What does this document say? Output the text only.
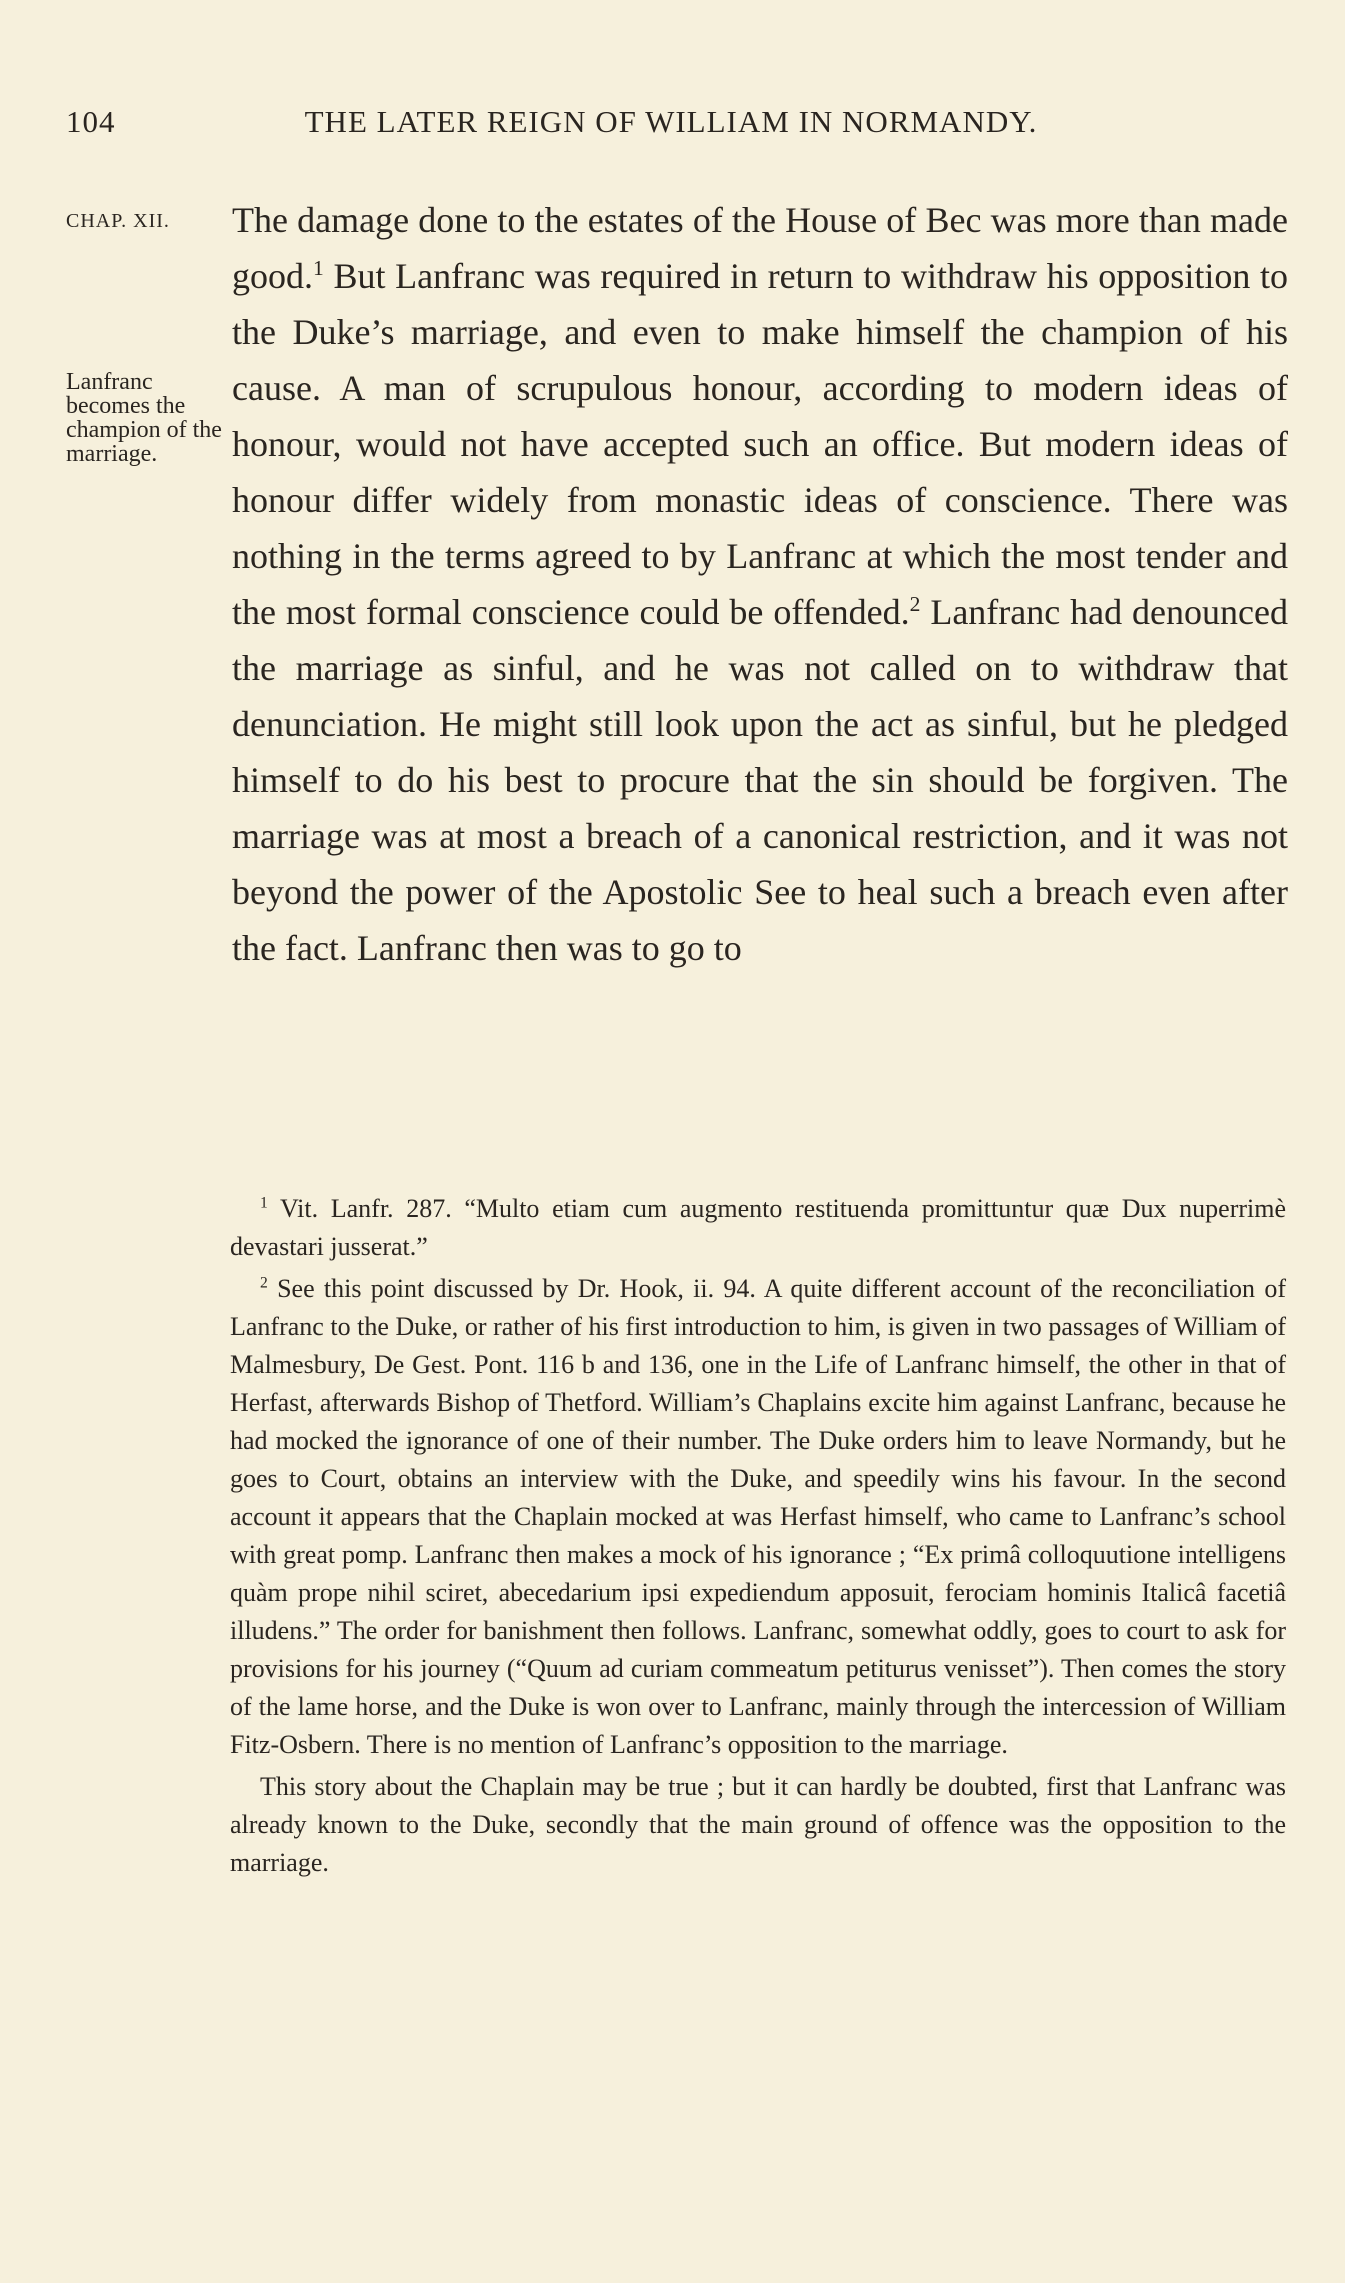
104	THE LATER REIGN OF WILLIAM IN NORMANDY.
CHAP. XII.
Lanfranc becomes the champion of the marriage.

The damage done to the estates of the House of Bec was more than made good.$^1$ But Lanfranc was required in return to withdraw his opposition to the Duke’s marriage, and even to make himself the champion of his cause. A man of scrupulous honour, according to modern ideas of honour, would not have accepted such an office. But modern ideas of honour differ widely from monastic ideas of conscience. There was nothing in the terms agreed to by Lanfranc at which the most tender and the most formal conscience could be offended.$^2$ Lanfranc had denounced the marriage as sinful, and he was not called on to withdraw that denunciation. He might still look upon the act as sinful, but he pledged himself to do his best to procure that the sin should be forgiven. The marriage was at most a breach of a canonical restriction, and it was not beyond the power of the Apostolic See to heal such a breach even after the fact. Lanfranc then was to go to

$^1$ Vit. Lanfr. 287. “Multo etiam cum augmento restituenda promittuntur quæ Dux nuperrimè devastari jusserat.”

$^2$ See this point discussed by Dr. Hook, ii. 94. A quite different account of the reconciliation of Lanfranc to the Duke, or rather of his first introduction to him, is given in two passages of William of Malmesbury, De Gest. Pont. 116 b and 136, one in the Life of Lanfranc himself, the other in that of Herfast, afterwards Bishop of Thetford. William’s Chaplains excite him against Lanfranc, because he had mocked the ignorance of one of their number. The Duke orders him to leave Normandy, but he goes to Court, obtains an interview with the Duke, and speedily wins his favour. In the second account it appears that the Chaplain mocked at was Herfast himself, who came to Lanfranc’s school with great pomp. Lanfranc then makes a mock of his ignorance ; “Ex primâ colloquutione intelligens quàm prope nihil sciret, abecedarium ipsi expediendum apposuit, ferociam hominis Italicâ facetiâ illudens.” The order for banishment then follows. Lanfranc, somewhat oddly, goes to court to ask for provisions for his journey (“Quum ad curiam commeatum petiturus venisset”). Then comes the story of the lame horse, and the Duke is won over to Lanfranc, mainly through the intercession of William Fitz-Osbern. There is no mention of Lanfranc’s opposition to the marriage.

This story about the Chaplain may be true ; but it can hardly be doubted, first that Lanfranc was already known to the Duke, secondly that the main ground of offence was the opposition to the marriage.
